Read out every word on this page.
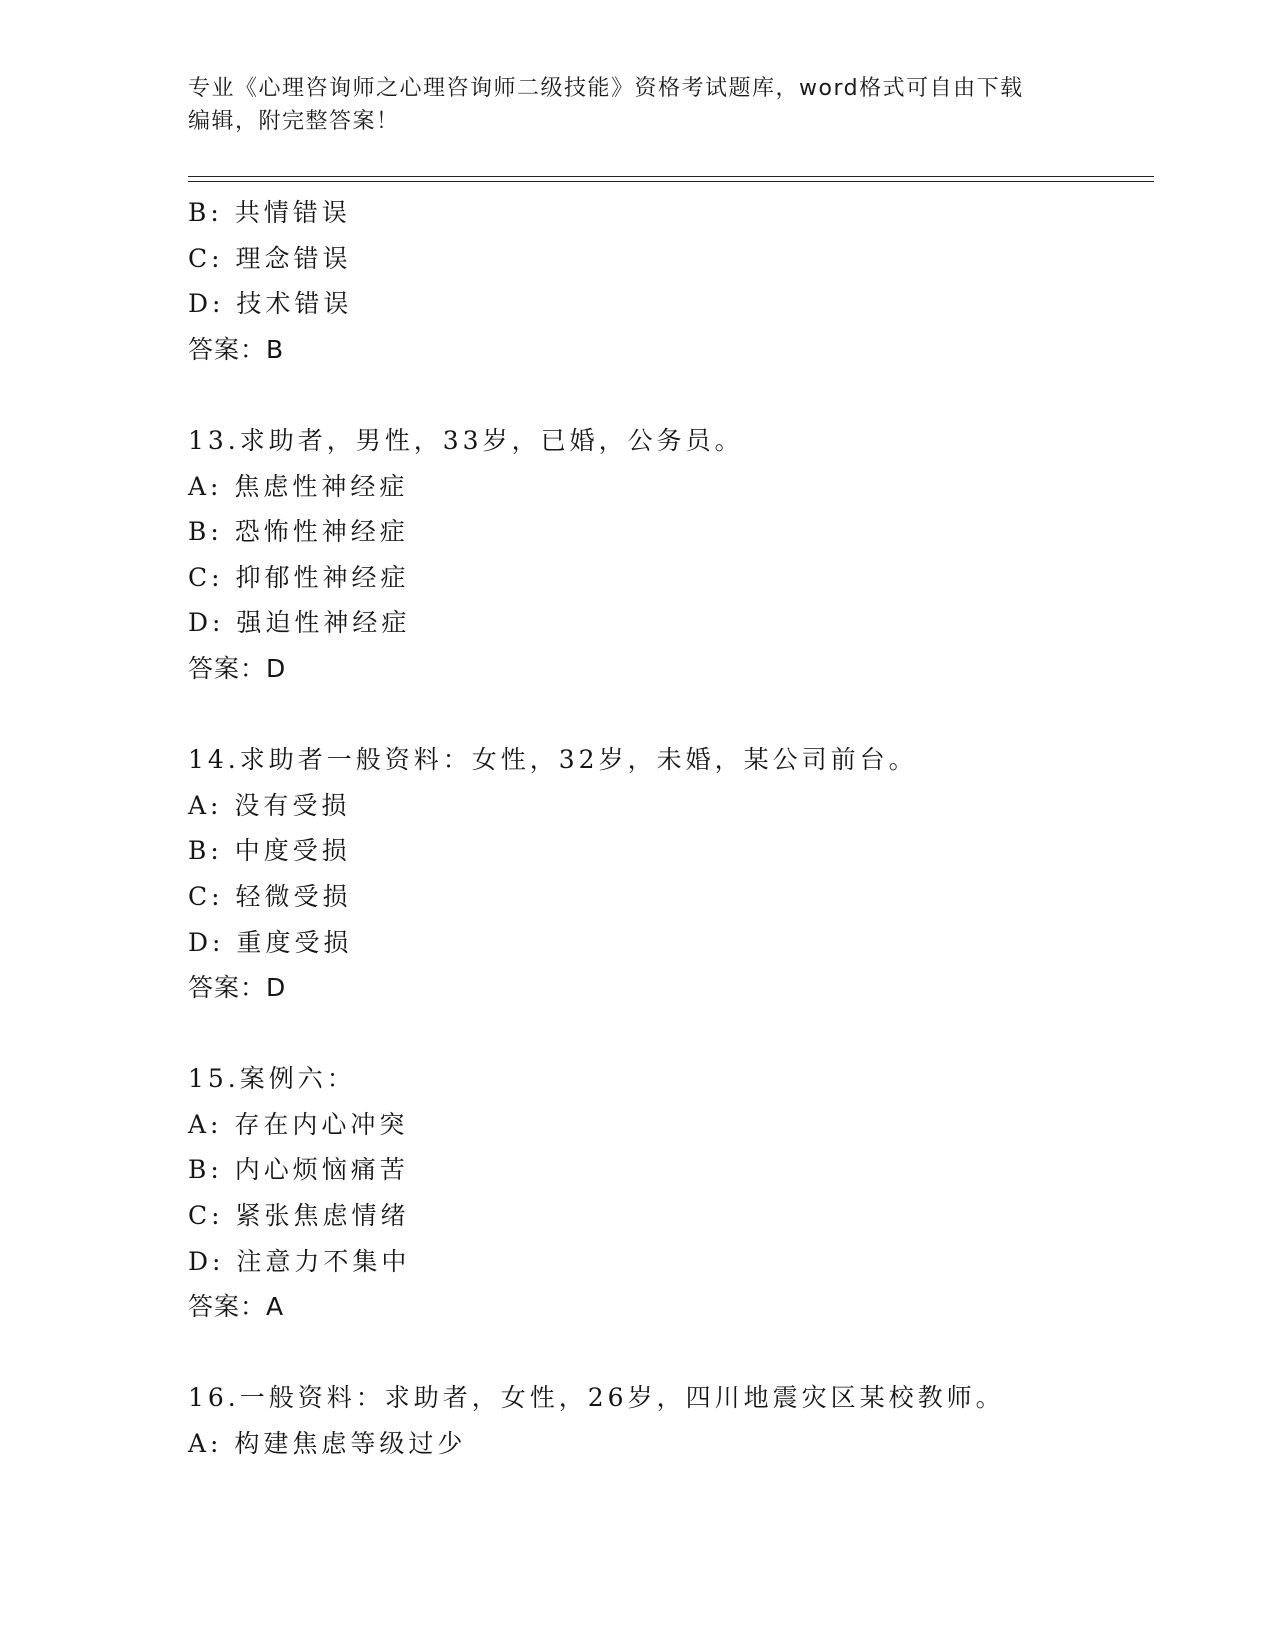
专业《心理咨询师之心理咨询师二级技能》资格考试题库，word格式可自由下载
编辑，附完整答案！
B: 共情错误
C: 理念错误
D: 技术错误
答案：B
13.求助者，男性，33岁，已婚，公务员。
A: 焦虑性神经症
B: 恐怖性神经症
C: 抑郁性神经症
D: 强迫性神经症
答案：D
14.求助者一般资料：女性，32岁，未婚，某公司前台。
A: 没有受损
B: 中度受损
C: 轻微受损
D: 重度受损
答案：D
15.案例六：
A: 存在内心冲突
B: 内心烦恼痛苦
C: 紧张焦虑情绪
D: 注意力不集中
答案：A
16.一般资料：求助者，女性，26岁，四川地震灾区某校教师。
A: 构建焦虑等级过少
